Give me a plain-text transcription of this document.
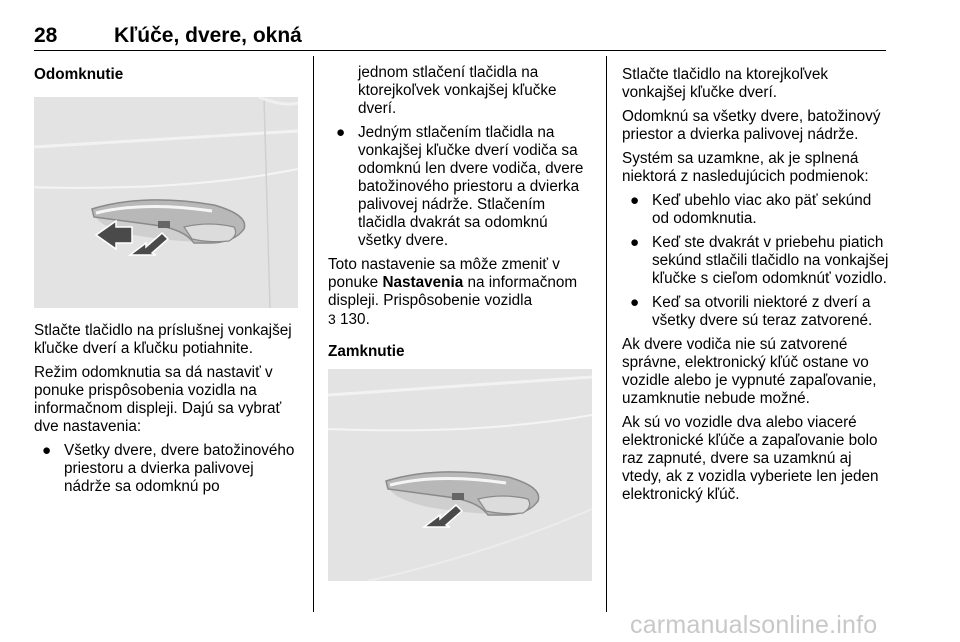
28	Kľúče, dvere, okná
Odomknutie
Stlačte tlačidlo na príslušnej vonkajšej kľučke dverí a kľučku potiahnite.
Režim odomknutia sa dá nastaviť v ponuke prispôsobenia vozidla na informačnom displeji. Dajú sa vybrať dve nastavenia:
● Všetky dvere, dvere batožinového priestoru a dvierka palivovej nádrže sa odomknú po
jednom stlačení tlačidla na ktorejkoľvek vonkajšej kľučke dverí.
● Jedným stlačením tlačidla na vonkajšej kľučke dverí vodiča sa odomknú len dvere vodiča, dvere batožinového priestoru a dvierka palivovej nádrže. Stlačením tlačidla dvakrát sa odomknú všetky dvere.
Toto nastavenie sa môže zmeniť v ponuke Nastavenia na informačnom displeji. Prispôsobenie vozidla
3 130.
Zamknutie
Stlačte tlačidlo na ktorejkoľvek vonkajšej kľučke dverí.
Odomknú sa všetky dvere, batožinový priestor a dvierka palivovej nádrže.
Systém sa uzamkne, ak je splnená niektorá z nasledujúcich podmienok:
● Keď ubehlo viac ako päť sekúnd od odomknutia.
● Keď ste dvakrát v priebehu piatich sekúnd stlačili tlačidlo na vonkajšej kľučke s cieľom odomknúť vozidlo.
● Keď sa otvorili niektoré z dverí a všetky dvere sú teraz zatvorené.
Ak dvere vodiča nie sú zatvorené správne, elektronický kľúč ostane vo vozidle alebo je vypnuté zapaľovanie, uzamknutie nebude možné.
Ak sú vo vozidle dva alebo viaceré elektronické kľúče a zapaľovanie bolo raz zapnuté, dvere sa uzamknú aj vtedy, ak z vozidla vyberiete len jeden elektronický kľúč.
carmanualsonline.info
